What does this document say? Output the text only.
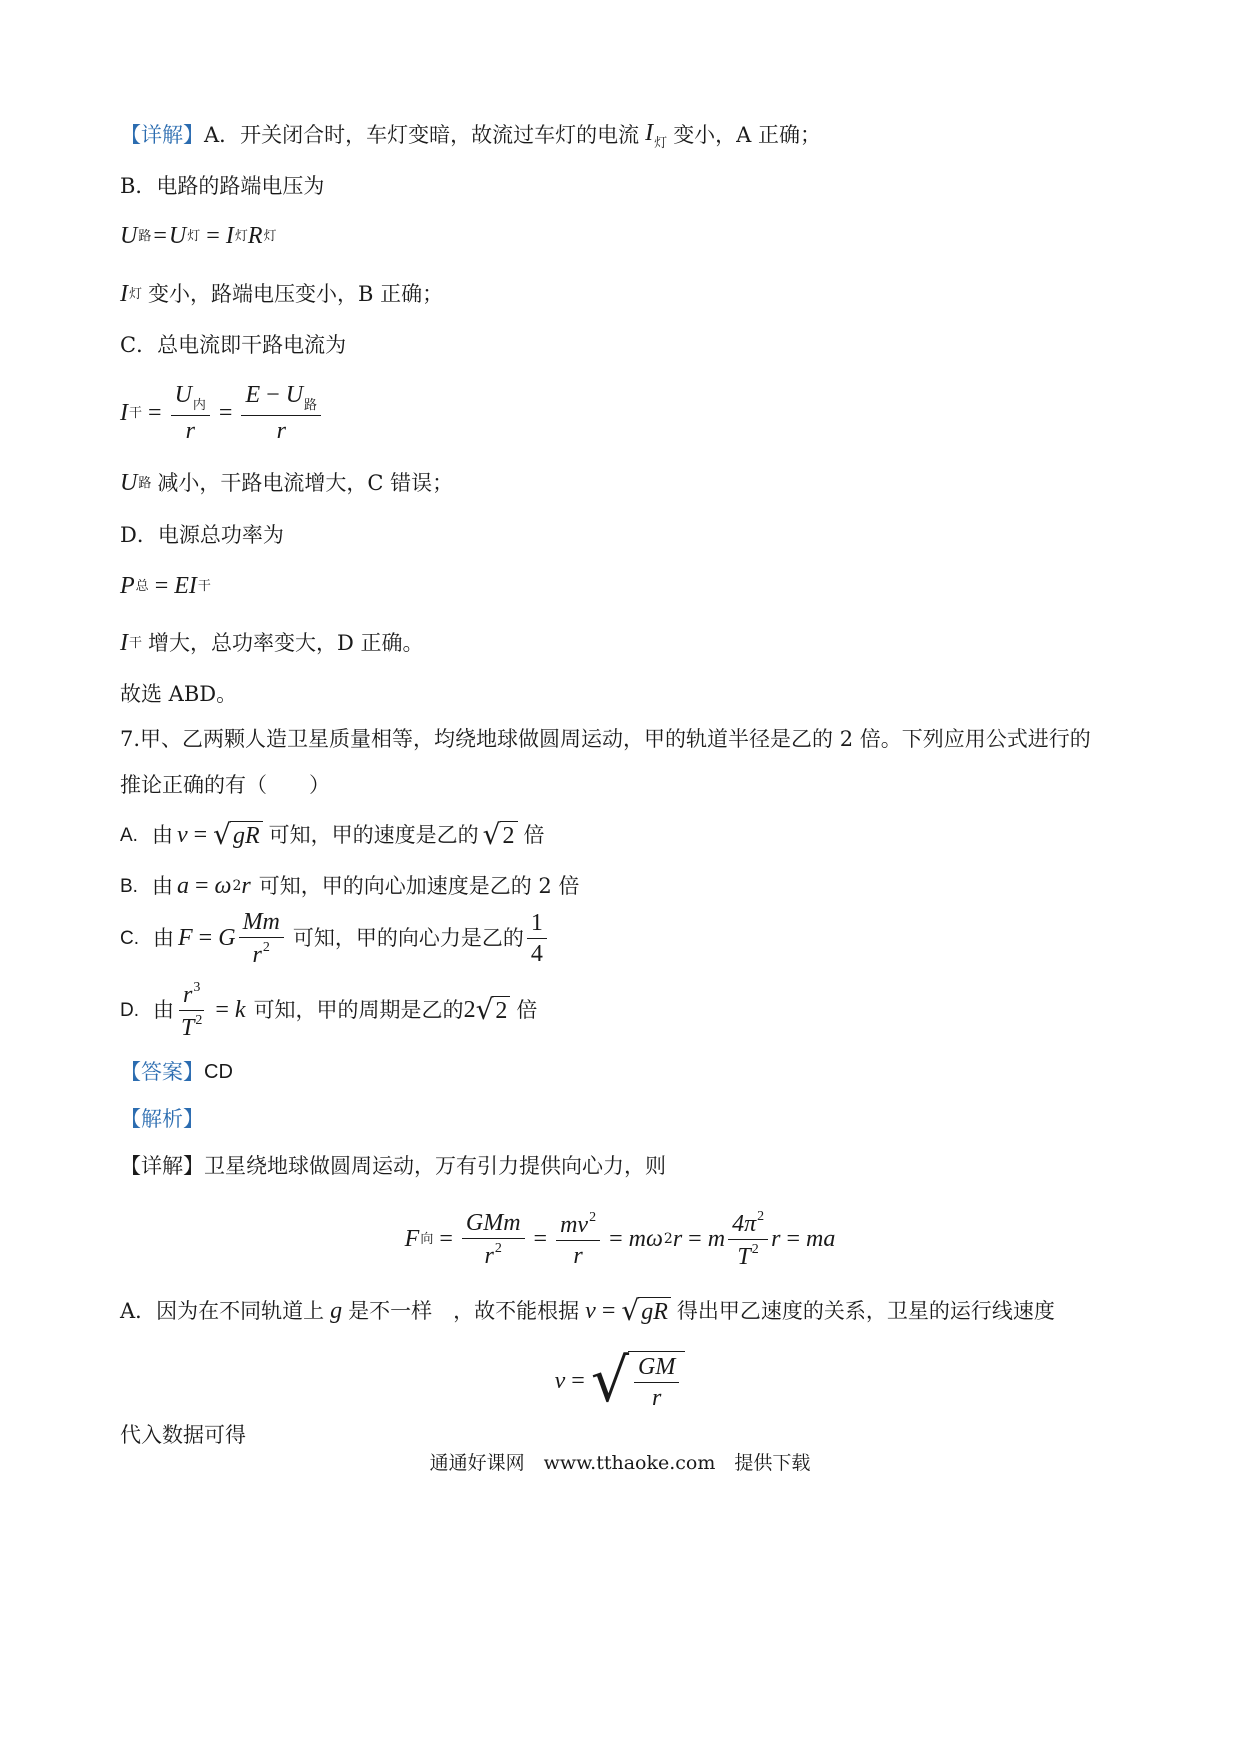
【详解】 A．开关闭合时，车灯变暗，故流过车灯的电流 $I_灯$ 变小，A 正确；
B．电路的路端电压为
U 路 = U 灯 = I 灯 R 灯
I 灯 变小，路端电压变小，B 正确；
C．总电流即干路电流为
I 干 = $\frac{U_内}{r} = \frac{E - U_路}{r}$
U 路 减小，干路电流增大，C 错误；
D．电源总功率为
P 总 = EI 干
I 干 增大，总功率变大，D 正确。
故选 ABD。
7.甲、乙两颗人造卫星质量相等，均绕地球做圆周运动，甲的轨道半径是乙的 2 倍。下列应用公式进行的
推论正确的有（　　）
A. 由 v = √ gR 可知，甲的速度是乙的 √ 2 倍
B. 由 a = ω 2 r 可知，甲的向心加速度是乙的 2 倍
C. 由 F = G $\frac{Mm}{r^2}$ 可知，甲的向心力是乙的 $\frac{1}{4}$
D. 由 $\frac{r^3}{T^2} = k$ 可知，甲的周期是乙的 2 √ 2 倍
【答案】 CD
【解析】
【详解】 卫星绕地球做圆周运动，万有引力提供向心力，则
F 向 = $\frac{\text{GMm}}{r^2} = \frac{mv^2}{r} = m\omega$ 2 r = m $\frac{4\pi^2}{T^2}$ r = ma
A．因为在不同轨道上 g 是不一样　，故不能根据 v = √ gR 得出甲乙速度的关系，卫星的运行线速度
v = √ $\frac{GM}{r}$
代入数据可得
通通好课网　www.tthaoke.com　提供下载
